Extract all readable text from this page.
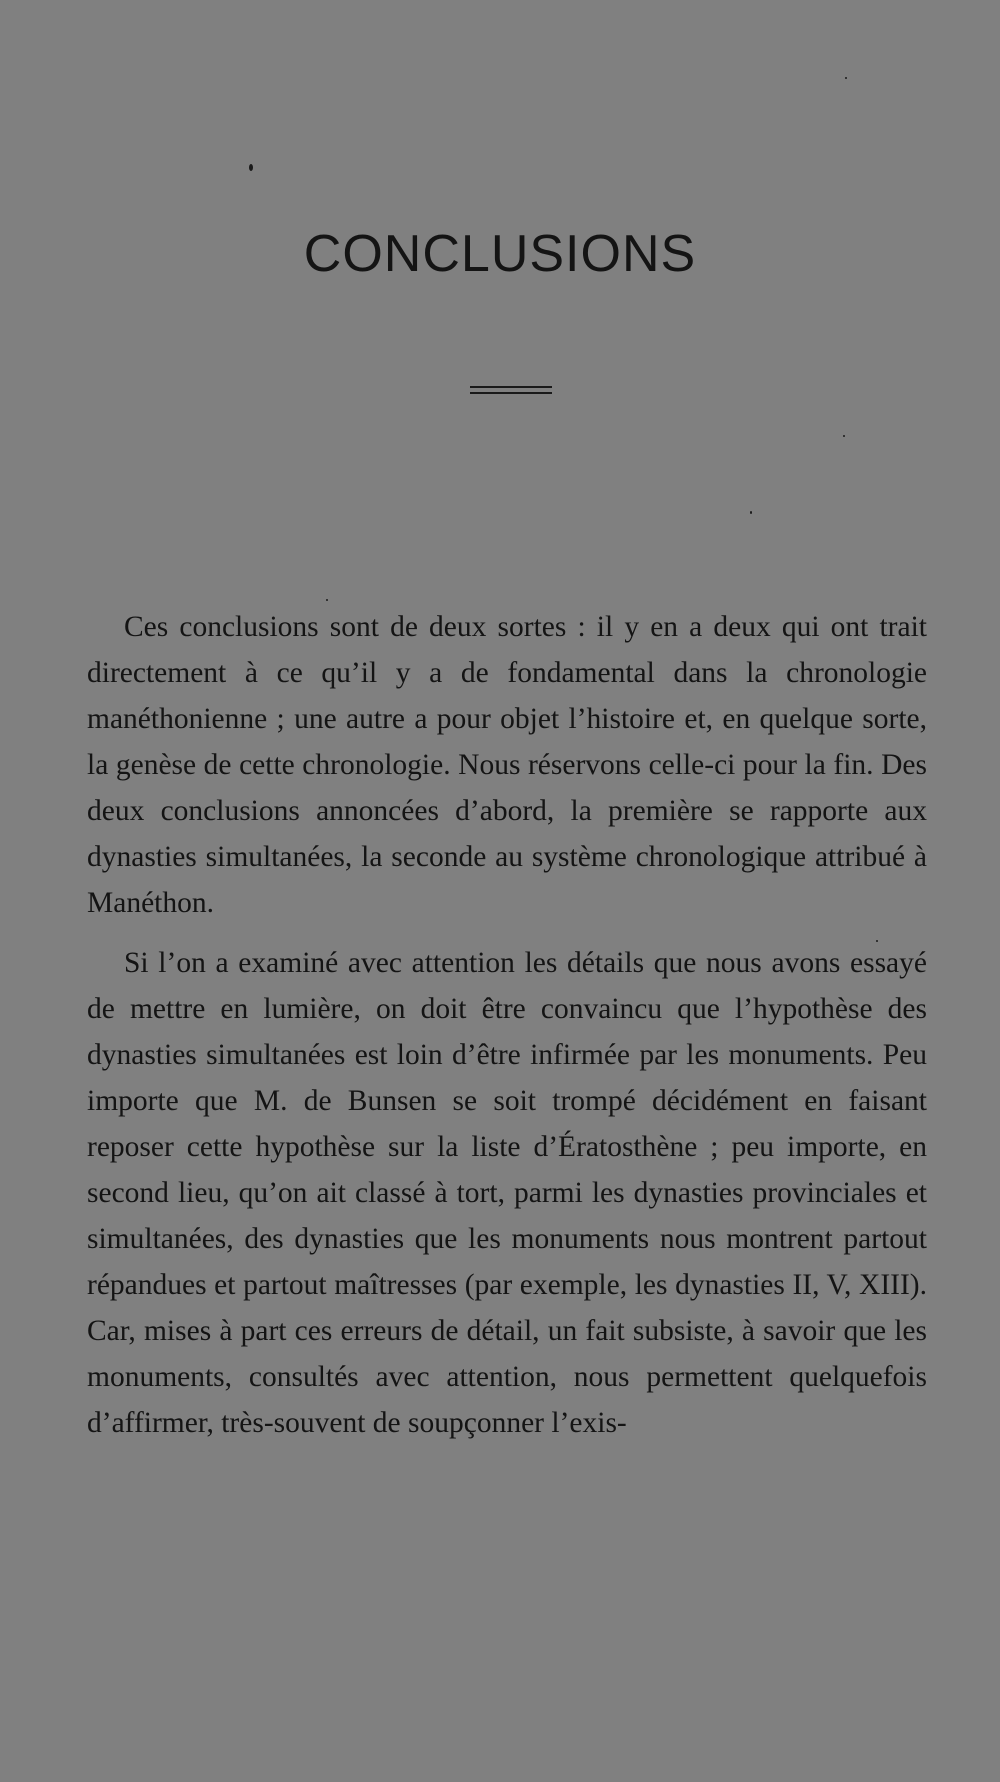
CONCLUSIONS

Ces conclusions sont de deux sortes : il y en a deux qui ont trait directement à ce qu’il y a de fondamental dans la chronologie manéthonienne ; une autre a pour objet l’histoire et, en quelque sorte, la genèse de cette chronologie. Nous réservons celle-ci pour la fin. Des deux conclusions annoncées d’abord, la première se rapporte aux dynasties simultanées, la seconde au système chronologique attribué à Manéthon.

Si l’on a examiné avec attention les détails que nous avons essayé de mettre en lumière, on doit être convaincu que l’hypothèse des dynasties simultanées est loin d’être infirmée par les monuments. Peu importe que M. de Bunsen se soit trompé décidément en faisant reposer cette hypothèse sur la liste d’Ératosthène ; peu importe, en second lieu, qu’on ait classé à tort, parmi les dynasties provinciales et simultanées, des dynasties que les monuments nous montrent partout répandues et partout maîtresses (par exemple, les dynasties II, V, XIII). Car, mises à part ces erreurs de détail, un fait subsiste, à savoir que les monuments, consultés avec attention, nous permettent quelquefois d’affirmer, très-souvent de soupçonner l’exis-
